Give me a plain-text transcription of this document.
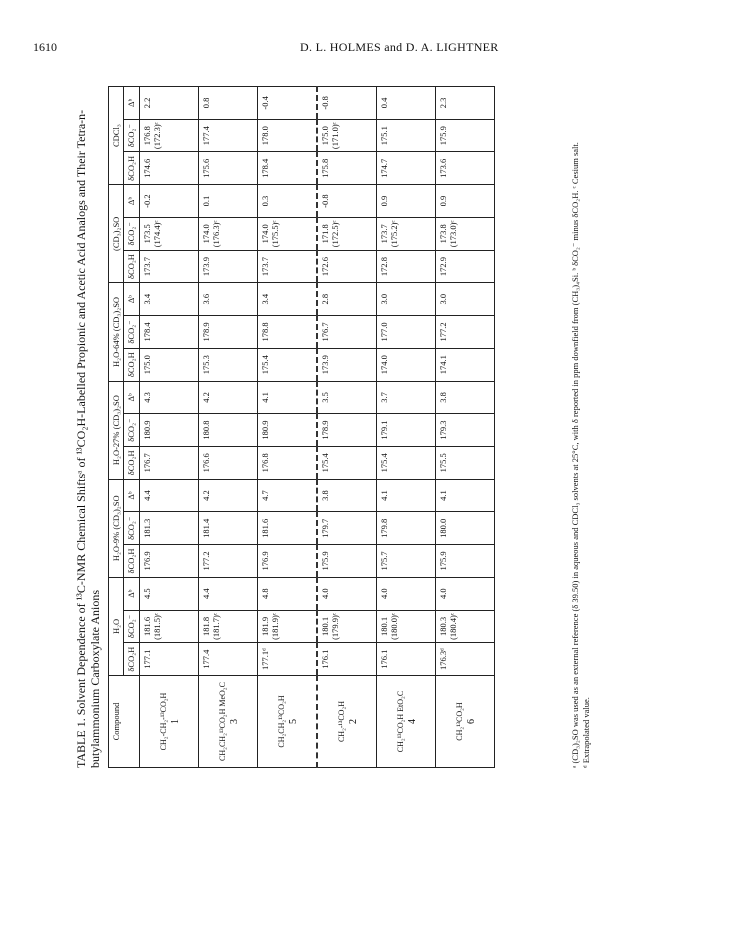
1610	D. L. HOLMES and D. A. LIGHTNER
TABLE 1. Solvent Dependence of ¹³C-NMR Chemical Shiftsᵃ of ¹³CO₂H-Labelled Propionic and Acetic Acid Analogs and Their Tetra-n-butylammonium Carboxylate Anions Compound	H₂O			H₂O-9% (CD₃)₂SO			H₂O-27% (CD₃)₂SO			H₂O-64% (CD₃)₂SO			(CD₃)₂SO			CDCl₃		
	δCO₂H	δCO₂⁻	Δᵇ	δCO₂H	δCO₂⁻	Δᵇ	δCO₂H	δCO₂⁻	Δᵇ	δCO₂H	δCO₂⁻	Δᵇ	δCO₂H	δCO₂⁻	Δᵇ	δCO₂H	δCO₂⁻	Δᵇ
CH₂-CH₂-¹³CO₂H 1	177.1	181.6 (181.5)ᶜ	4.5	176.9	181.3	4.4	176.7	180.9	4.3	175.0	178.4	3.4	173.7	173.5 (174.4)ᶜ	-0.2	174.6	176.8 (172.3)ᶜ	2.2
CH₂CH₂¹³CO₂H MeO₂C 3	177.4	181.8 (181.7)ᶜ	4.4	177.2	181.4	4.2	176.6	180.8	4.2	175.3	178.9	3.6	173.9	174.0 (176.3)ᶜ	0.1	175.6	177.4	0.8
CH₂CH₂¹³CO₂H 5	177.1ᵈ	181.9 (181.9)ᶜ	4.8	176.9	181.6	4.7	176.8	180.9	4.1	175.4	178.8	3.4	173.7	174.0 (175.5)ᶜ	0.3	178.4	178.0	-0.4
CH₂-¹³CO₂H 2	176.1	180.1 (179.9)ᶜ	4.0	175.9	179.7	3.8	175.4	178.9	3.5	173.9	176.7	2.8	172.6	171.8 (172.5)ᶜ	-0.8	175.8	175.0 (171.0)ᶜ	-0.8
CH₂¹³CO₂H EtO₂C 4	176.1	180.1 (180.0)ᶜ	4.0	175.7	179.8	4.1	175.4	179.1	3.7	174.0	177.0	3.0	172.8	173.7 (175.2)ᶜ	0.9	174.7	175.1	0.4
CH₂¹³CO₂H 6	176.3ᵈ	180.3 (180.4)ᶜ	4.0	175.9	180.0	4.1	175.5	179.3	3.8	174.1	177.2	3.0	172.9	173.8 (173.0)ᶜ	0.9	173.6	175.9	2.3
ᵃ (CD₃)₂SO was used as an external reference (δ 39.50) in aqueous and CDCl₃ solvents at 25°C, with δ reported in ppm downfield from (CH₃)₄Si. ᵇ δCO₂⁻ minus δCO₂H. ᶜ Cesium salt. ᵈ Extrapolated value.
